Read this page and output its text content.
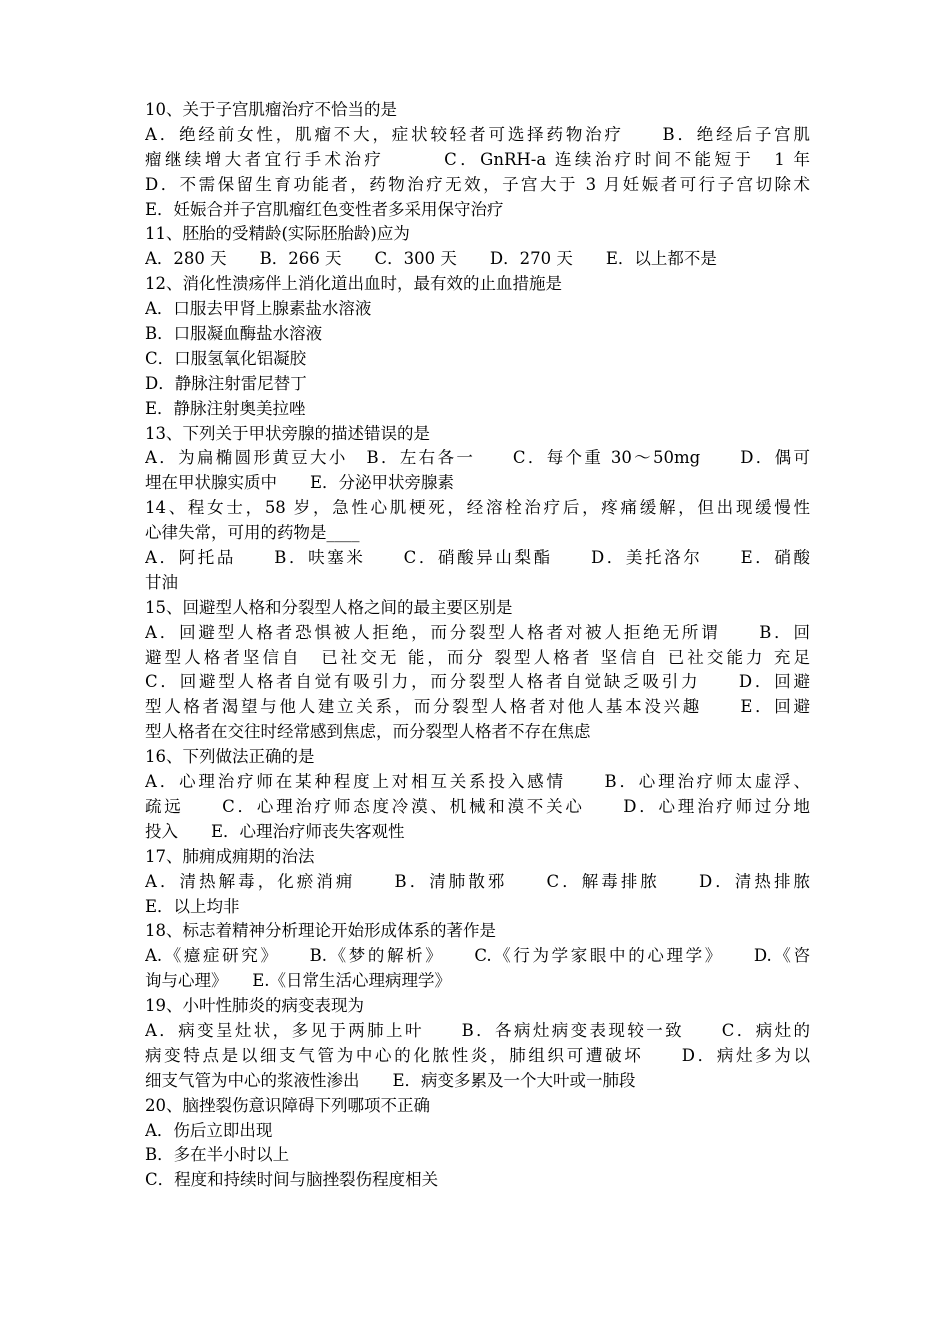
10、关于子宫肌瘤治疗不恰当的是
A．绝经前女性，肌瘤不大，症状较轻者可选择药物治疗　　B．绝经后子宫肌
瘤继续增大者宜行手术治疗　　　C．GnRH-a 连续治疗时间不能短于　1 年
D．不需保留生育功能者，药物治疗无效，子宫大于 3 月妊娠者可行子宫切除术
E．妊娠合并子宫肌瘤红色变性者多采用保守治疗
11、胚胎的受精龄(实际胚胎龄)应为
A．280 天　　B．266 天　　C．300 天　　D．270 天　　E．以上都不是
12、消化性溃疡伴上消化道出血时，最有效的止血措施是
A．口服去甲肾上腺素盐水溶液
B．口服凝血酶盐水溶液
C．口服氢氧化铝凝胶
D．静脉注射雷尼替丁
E．静脉注射奥美拉唑
13、下列关于甲状旁腺的描述错误的是
A．为扁椭圆形黄豆大小　B．左右各一　　C．每个重 30～50mg　　D．偶可
埋在甲状腺实质中　　E．分泌甲状旁腺素
14、程女士，58 岁，急性心肌梗死，经溶栓治疗后，疼痛缓解，但出现缓慢性
心律失常，可用的药物是____
A．阿托品　　B．呋塞米　　C．硝酸异山梨酯　　D．美托洛尔　　E．硝酸
甘油
15、回避型人格和分裂型人格之间的最主要区别是
A．回避型人格者恐惧被人拒绝，而分裂型人格者对被人拒绝无所谓　　B．回
避型人格者坚信自　已社交无 能，而分 裂型人格者 坚信自 已社交能力 充足
C．回避型人格者自觉有吸引力，而分裂型人格者自觉缺乏吸引力　　D．回避
型人格者渴望与他人建立关系，而分裂型人格者对他人基本没兴趣　　E．回避
型人格者在交往时经常感到焦虑，而分裂型人格者不存在焦虑
16、下列做法正确的是
A．心理治疗师在某种程度上对相互关系投入感情　　B．心理治疗师太虚浮、
疏远　　C．心理治疗师态度冷漠、机械和漠不关心　　D．心理治疗师过分地
投入　　E．心理治疗师丧失客观性
17、肺痈成痈期的治法
A．清热解毒，化瘀消痈　　B．清肺散邪　　C．解毒排脓　　D．清热排脓
E．以上均非
18、标志着精神分析理论开始形成体系的著作是
A.《癔症研究》　　B.《梦的解析》　　C.《行为学家眼中的心理学》　　D.《咨
询与心理》　　E.《日常生活心理病理学》
19、小叶性肺炎的病变表现为
A．病变呈灶状，多见于两肺上叶　　B．各病灶病变表现较一致　　C．病灶的
病变特点是以细支气管为中心的化脓性炎，肺组织可遭破坏　　D．病灶多为以
细支气管为中心的浆液性渗出　　E．病变多累及一个大叶或一肺段
20、脑挫裂伤意识障碍下列哪项不正确
A．伤后立即出现
B．多在半小时以上
C．程度和持续时间与脑挫裂伤程度相关
